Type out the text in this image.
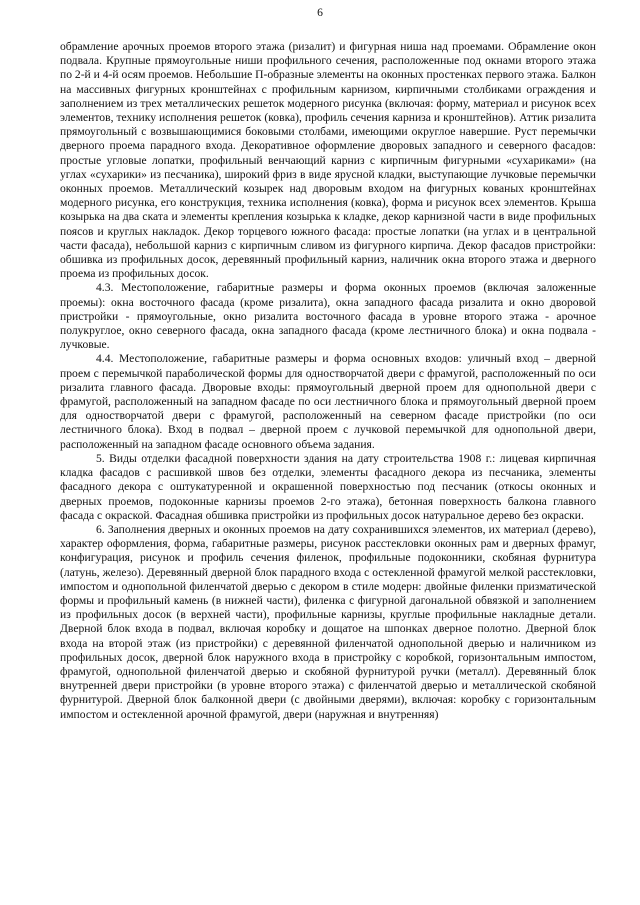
6

обрамление арочных проемов второго этажа (ризалит) и фигурная ниша над проемами. Обрамление окон подвала. Крупные прямоугольные ниши профильного сечения, расположенные под окнами второго этажа по 2-й и 4-й осям проемов. Небольшие П-образные элементы на оконных простенках первого этажа. Балкон на массивных фигурных кронштейнах с профильным карнизом, кирпичными столбиками ограждения и заполнением из трех металлических решеток модерного рисунка (включая: форму, материал и рисунок всех элементов, технику исполнения решеток (ковка), профиль сечения карниза и кронштейнов). Аттик ризалита прямоугольный с возвышающимися боковыми столбами, имеющими округлое навершие. Руст перемычки дверного проема парадного входа. Декоративное оформление дворовых западного и северного фасадов: простые угловые лопатки, профильный венчающий карниз с кирпичным фигурными «сухариками» (на углах «сухарики» из песчаника), широкий фриз в виде ярусной кладки, выступающие лучковые перемычки оконных проемов. Металлический козырек над дворовым входом на фигурных кованых кронштейнах модерного рисунка, его конструкция, техника исполнения (ковка), форма и рисунок всех элементов. Крыша козырька на два ската и элементы крепления козырька к кладке, декор карнизной части в виде профильных поясов и круглых накладок. Декор торцевого южного фасада: простые лопатки (на углах и в центральной части фасада), небольшой карниз с кирпичным сливом из фигурного кирпича. Декор фасадов пристройки: обшивка из профильных досок, деревянный профильный карниз, наличник окна второго этажа и дверного проема из профильных досок.

4.3. Местоположение, габаритные размеры и форма оконных проемов (включая заложенные проемы): окна восточного фасада (кроме ризалита), окна западного фасада ризалита и окно дворовой пристройки - прямоугольные, окно ризалита восточного фасада в уровне второго этажа - арочное полукруглое, окно северного фасада, окна западного фасада (кроме лестничного блока) и окна подвала - лучковые.

4.4. Местоположение, габаритные размеры и форма основных входов: уличный вход – дверной проем с перемычкой параболической формы для одностворчатой двери с фрамугой, расположенный по оси ризалита главного фасада. Дворовые входы: прямоугольный дверной проем для однопольной двери с фрамугой, расположенный на западном фасаде по оси лестничного блока и прямоугольный дверной проем для одностворчатой двери с фрамугой, расположенный на северном фасаде пристройки (по оси лестничного блока). Вход в подвал – дверной проем с лучковой перемычкой для однопольной двери, расположенный на западном фасаде основного объема задания.

5. Виды отделки фасадной поверхности здания на дату строительства 1908 г.: лицевая кирпичная кладка фасадов с расшивкой швов без отделки, элементы фасадного декора из песчаника, элементы фасадного декора с оштукатуренной и окрашенной поверхностью под песчаник (откосы оконных и дверных проемов, подоконные карнизы проемов 2-го этажа), бетонная поверхность балкона главного фасада с окраской. Фасадная обшивка пристройки из профильных досок натуральное дерево без окраски.

6. Заполнения дверных и оконных проемов на дату сохранившихся элементов, их материал (дерево), характер оформления, форма, габаритные размеры, рисунок расстекловки оконных рам и дверных фрамуг, конфигурация, рисунок и профиль сечения филенок, профильные подоконники, скобяная фурнитура (латунь, железо). Деревянный дверной блок парадного входа с остекленной фрамугой мелкой расстекловки, импостом и однопольной филенчатой дверью с декором в стиле модерн: двойные филенки призматической формы и профильный камень (в нижней части), филенка с фигурной дагональной обвязкой и заполнением из профильных досок (в верхней части), профильные карнизы, круглые профильные накладные детали. Дверной блок входа в подвал, включая коробку и дощатое на шпонках дверное полотно. Дверной блок входа на второй этаж (из пристройки) с деревянной филенчатой однопольной дверью и наличником из профильных досок, дверной блок наружного входа в пристройку с коробкой, горизонтальным импостом, фрамугой, однопольной филенчатой дверью и скобяной фурнитурой ручки (металл). Деревянный блок внутренней двери пристройки (в уровне второго этажа) с филенчатой дверью и металлической скобяной фурнитурой. Дверной блок балконной двери (с двойными дверями), включая: коробку с горизонтальным импостом и остекленной арочной фрамугой, двери (наружная и внутренняя)
